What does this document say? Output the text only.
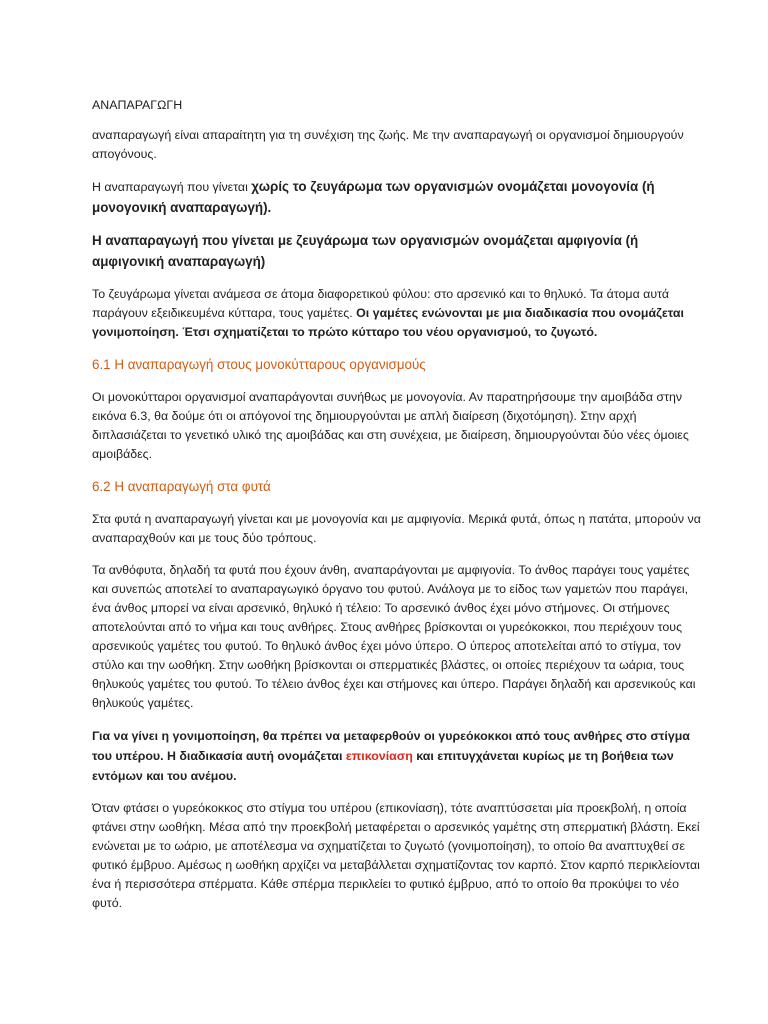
ΑΝΑΠΑΡΑΓΩΓΗ

αναπαραγωγή είναι απαραίτητη για τη συνέχιση της ζωής. Με την αναπαραγωγή οι οργανισμοί δημιουργούν απογόνους.

Η αναπαραγωγή που γίνεται χωρίς το ζευγάρωμα των οργανισμών ονομάζεται μονογονία (ή μονογονική αναπαραγωγή).

Η αναπαραγωγή που γίνεται με ζευγάρωμα των οργανισμών ονομάζεται αμφιγονία (ή αμφιγονική αναπαραγωγή)

Το ζευγάρωμα γίνεται ανάμεσα σε άτομα διαφορετικού φύλου: στο αρσενικό και το θηλυκό. Τα άτομα αυτά παράγουν εξειδικευμένα κύτταρα, τους γαμέτες. Οι γαμέτες ενώνονται με μια διαδικασία που ονομάζεται γονιμοποίηση. Έτσι σχηματίζεται το πρώτο κύτταρο του νέου οργανισμού, το ζυγωτό.

6.1 Η αναπαραγωγή στους μονοκύτταρους οργανισμούς

Οι μονοκύτταροι οργανισμοί αναπαράγονται συνήθως με μονογονία. Αν παρατηρήσουμε την αμοιβάδα στην εικόνα 6.3, θα δούμε ότι οι απόγονοί της δημιουργούνται με απλή διαίρεση (διχοτόμηση). Στην αρχή διπλασιάζεται το γενετικό υλικό της αμοιβάδας και στη συνέχεια, με διαίρεση, δημιουργούνται δύο νέες όμοιες αμοιβάδες.

6.2 Η αναπαραγωγή στα φυτά

Στα φυτά η αναπαραγωγή γίνεται και με μονογονία και με αμφιγονία. Μερικά φυτά, όπως η πατάτα, μπορούν να αναπαραχθούν και με τους δύο τρόπους.

Τα ανθόφυτα, δηλαδή τα φυτά που έχουν άνθη, αναπαράγονται με αμφιγονία. Το άνθος παράγει τους γαμέτες και συνεπώς αποτελεί το αναπαραγωγικό όργανο του φυτού. Ανάλογα με το είδος των γαμετών που παράγει, ένα άνθος μπορεί να είναι αρσενικό, θηλυκό ή τέλειο: Το αρσενικό άνθος έχει μόνο στήμονες. Οι στήμονες αποτελούνται από το νήμα και τους ανθήρες. Στους ανθήρες βρίσκονται οι γυρεόκοκκοι, που περιέχουν τους αρσενικούς γαμέτες του φυτού. Το θηλυκό άνθος έχει μόνο ύπερο. Ο ύπερος αποτελείται από το στίγμα, τον στύλο και την ωοθήκη. Στην ωοθήκη βρίσκονται οι σπερματικές βλάστες, οι οποίες περιέχουν τα ωάρια, τους θηλυκούς γαμέτες του φυτού. Το τέλειο άνθος έχει και στήμονες και ύπερο. Παράγει δηλαδή και αρσενικούς και θηλυκούς γαμέτες.

Για να γίνει η γονιμοποίηση, θα πρέπει να μεταφερθούν οι γυρεόκοκκοι από τους ανθήρες στο στίγμα του υπέρου. Η διαδικασία αυτή ονομάζεται επικονίαση και επιτυγχάνεται κυρίως με τη βοήθεια των εντόμων και του ανέμου.

Όταν φτάσει ο γυρεόκοκκος στο στίγμα του υπέρου (επικονίαση), τότε αναπτύσσεται μία προεκβολή, η οποία φτάνει στην ωοθήκη. Μέσα από την προεκβολή μεταφέρεται ο αρσενικός γαμέτης στη σπερματική βλάστη. Εκεί ενώνεται με το ωάριο, με αποτέλεσμα να σχηματίζεται το ζυγωτό (γονιμοποίηση), το οποίο θα αναπτυχθεί σε φυτικό έμβρυο. Αμέσως η ωοθήκη αρχίζει να μεταβάλλεται σχηματίζοντας τον καρπό. Στον καρπό περικλείονται ένα ή περισσότερα σπέρματα. Κάθε σπέρμα περικλείει το φυτικό έμβρυο, από το οποίο θα προκύψει το νέο φυτό.
